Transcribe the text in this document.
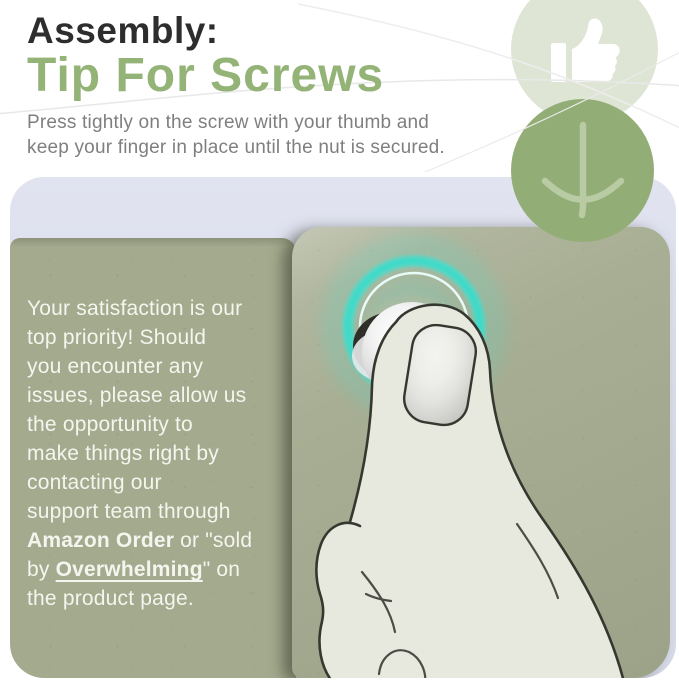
Assembly:
Tip For Screws
Press tightly on the screw with your thumb and
keep your finger in place until the nut is secured.
Your satisfaction is our
top priority! Should
you encounter any
issues, please allow us
the opportunity to
make things right by
contacting our
support team through
Amazon Order or "sold
by Overwhelming" on
the product page.
